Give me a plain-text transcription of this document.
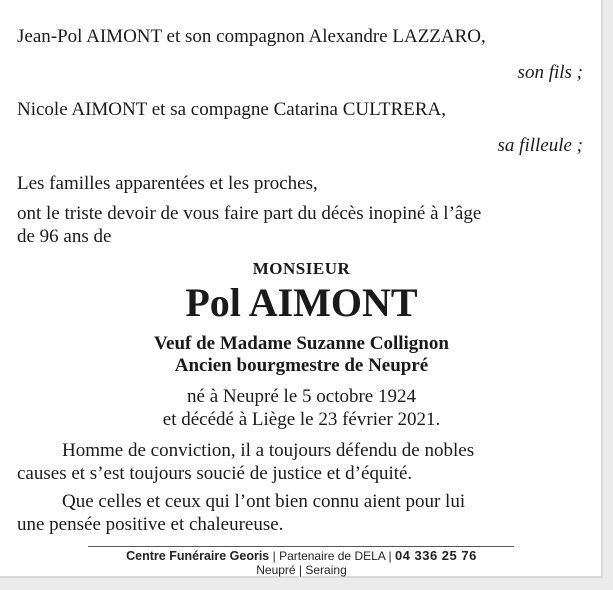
Jean-Pol AIMONT et son compagnon Alexandre LAZZARO,
son fils ;
Nicole AIMONT et sa compagne Catarina CULTRERA,
sa filleule ;
Les familles apparentées et les proches,
ont le triste devoir de vous faire part du décès inopiné à l’âge
de 96 ans de
MONSIEUR
Pol AIMONT
Veuf de Madame Suzanne Collignon
Ancien bourgmestre de Neupré
né à Neupré le 5 octobre 1924
et décédé à Liège le 23 février 2021.
Homme de conviction, il a toujours défendu de nobles
causes et s’est toujours soucié de justice et d’équité.
Que celles et ceux qui l’ont bien connu aient pour lui
une pensée positive et chaleureuse.
Centre Funéraire Georis | Partenaire de DELA | 04 336 25 76
Neupré | Seraing
